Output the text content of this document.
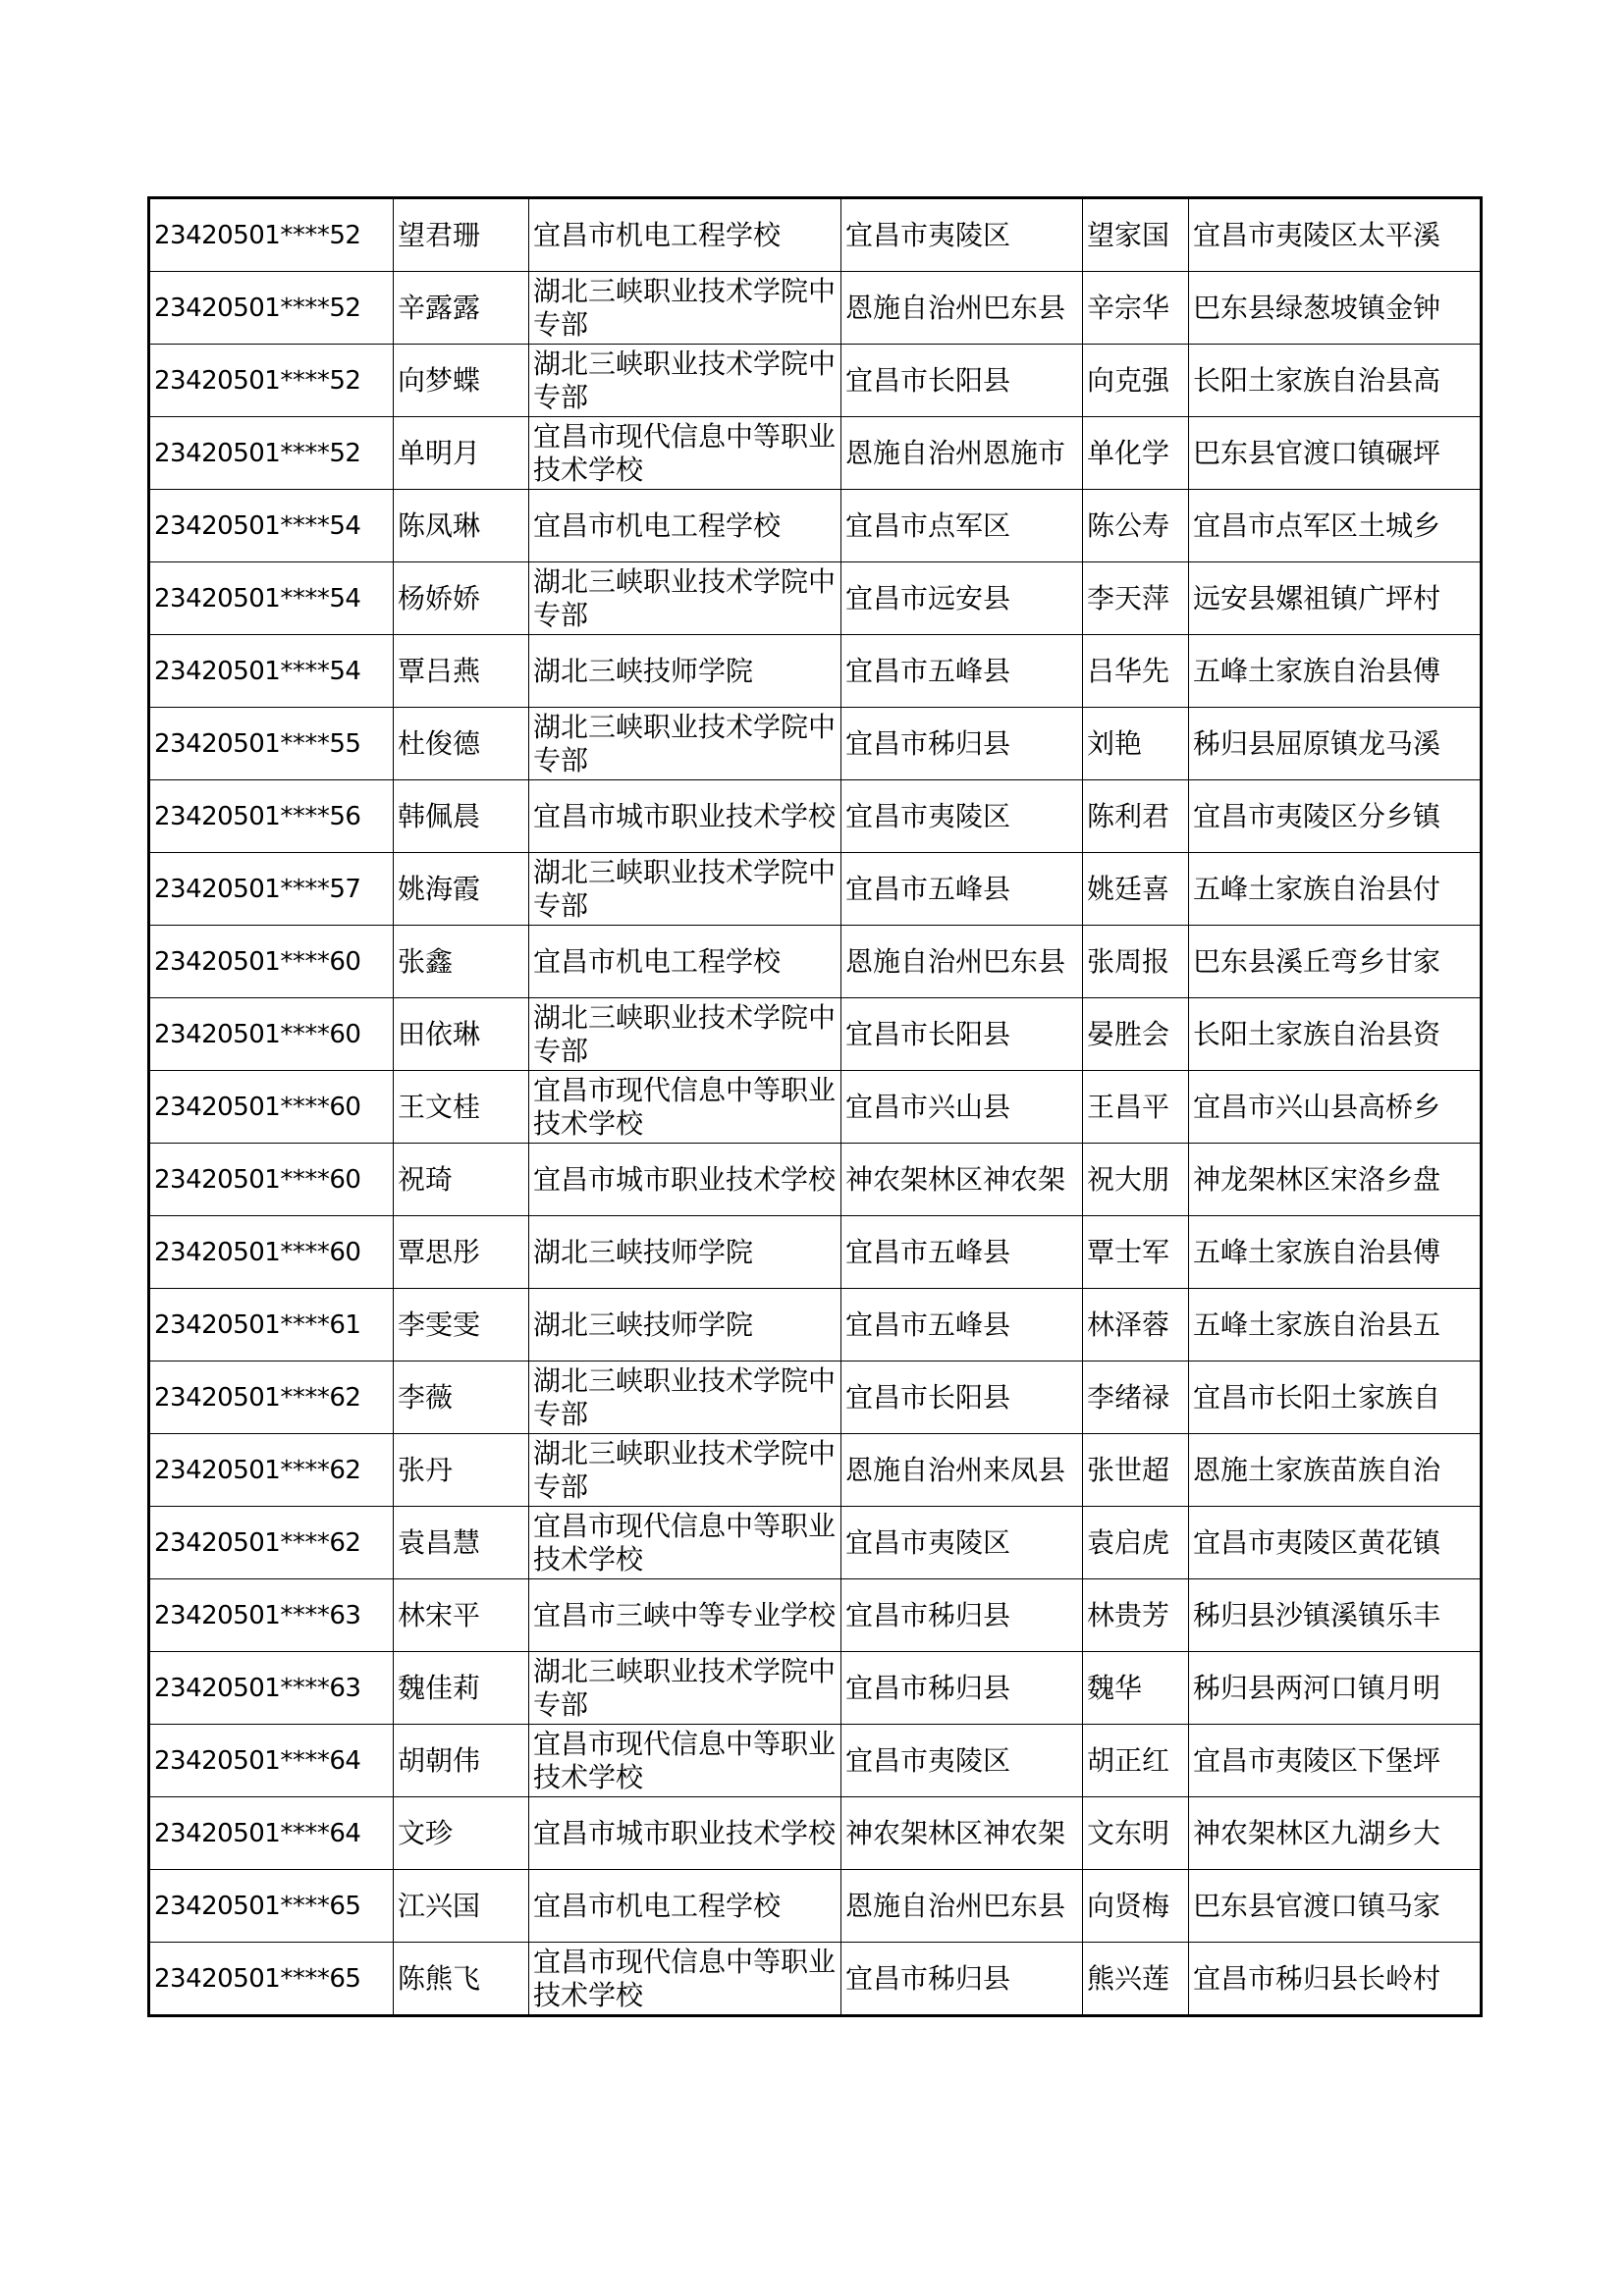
23420501****52	望君珊	宜昌市机电工程学校	宜昌市夷陵区	望家国	宜昌市夷陵区太平溪
23420501****52	辛露露	湖北三峡职业技术学院中专部	恩施自治州巴东县	辛宗华	巴东县绿葱坡镇金钟
23420501****52	向梦蝶	湖北三峡职业技术学院中专部	宜昌市长阳县	向克强	长阳土家族自治县高
23420501****52	单明月	宜昌市现代信息中等职业技术学校	恩施自治州恩施市	单化学	巴东县官渡口镇碾坪
23420501****54	陈凤琳	宜昌市机电工程学校	宜昌市点军区	陈公寿	宜昌市点军区土城乡
23420501****54	杨娇娇	湖北三峡职业技术学院中专部	宜昌市远安县	李天萍	远安县嫘祖镇广坪村
23420501****54	覃吕燕	湖北三峡技师学院	宜昌市五峰县	吕华先	五峰土家族自治县傅
23420501****55	杜俊德	湖北三峡职业技术学院中专部	宜昌市秭归县	刘艳	秭归县屈原镇龙马溪
23420501****56	韩佩晨	宜昌市城市职业技术学校	宜昌市夷陵区	陈利君	宜昌市夷陵区分乡镇
23420501****57	姚海霞	湖北三峡职业技术学院中专部	宜昌市五峰县	姚廷喜	五峰土家族自治县付
23420501****60	张鑫	宜昌市机电工程学校	恩施自治州巴东县	张周报	巴东县溪丘弯乡甘家
23420501****60	田依琳	湖北三峡职业技术学院中专部	宜昌市长阳县	晏胜会	长阳土家族自治县资
23420501****60	王文桂	宜昌市现代信息中等职业技术学校	宜昌市兴山县	王昌平	宜昌市兴山县高桥乡
23420501****60	祝琦	宜昌市城市职业技术学校	神农架林区神农架	祝大朋	神龙架林区宋洛乡盘
23420501****60	覃思彤	湖北三峡技师学院	宜昌市五峰县	覃士军	五峰土家族自治县傅
23420501****61	李雯雯	湖北三峡技师学院	宜昌市五峰县	林泽蓉	五峰土家族自治县五
23420501****62	李薇	湖北三峡职业技术学院中专部	宜昌市长阳县	李绪禄	宜昌市长阳土家族自
23420501****62	张丹	湖北三峡职业技术学院中专部	恩施自治州来凤县	张世超	恩施土家族苗族自治
23420501****62	袁昌慧	宜昌市现代信息中等职业技术学校	宜昌市夷陵区	袁启虎	宜昌市夷陵区黄花镇
23420501****63	林宋平	宜昌市三峡中等专业学校	宜昌市秭归县	林贵芳	秭归县沙镇溪镇乐丰
23420501****63	魏佳莉	湖北三峡职业技术学院中专部	宜昌市秭归县	魏华	秭归县两河口镇月明
23420501****64	胡朝伟	宜昌市现代信息中等职业技术学校	宜昌市夷陵区	胡正红	宜昌市夷陵区下堡坪
23420501****64	文珍	宜昌市城市职业技术学校	神农架林区神农架	文东明	神农架林区九湖乡大
23420501****65	江兴国	宜昌市机电工程学校	恩施自治州巴东县	向贤梅	巴东县官渡口镇马家
23420501****65	陈熊飞	宜昌市现代信息中等职业技术学校	宜昌市秭归县	熊兴莲	宜昌市秭归县长岭村
